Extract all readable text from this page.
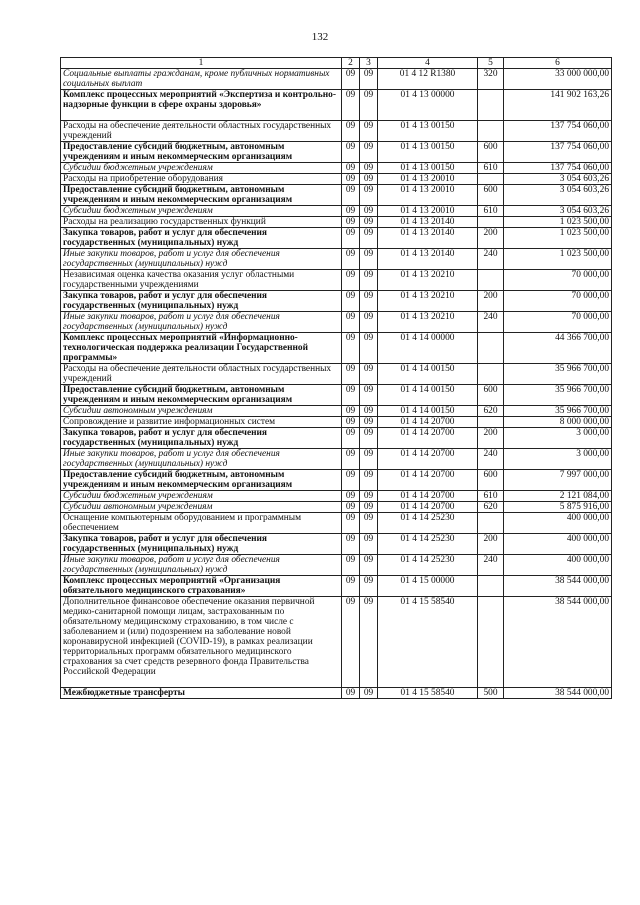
132
1	2	3	4	5	6
Социальные выплаты гражданам, кроме публичных нормативных социальных выплат	09	09	01 4 12 R1380	320	33 000 000,00
Комплекс процессных мероприятий «Экспертиза и контрольно-надзорные функции в сфере охраны здоровья»	09	09	01 4 13 00000		141 902 163,26
Расходы на обеспечение деятельности областных государственных учреждений	09	09	01 4 13 00150		137 754 060,00
Предоставление субсидий бюджетным, автономным учреждениям и иным некоммерческим организациям	09	09	01 4 13 00150	600	137 754 060,00
Субсидии бюджетным учреждениям	09	09	01 4 13 00150	610	137 754 060,00
Расходы на приобретение оборудования	09	09	01 4 13 20010		3 054 603,26
Предоставление субсидий бюджетным, автономным учреждениям и иным некоммерческим организациям	09	09	01 4 13 20010	600	3 054 603,26
Субсидии бюджетным учреждениям	09	09	01 4 13 20010	610	3 054 603,26
Расходы на реализацию государственных функций	09	09	01 4 13 20140		1 023 500,00
Закупка товаров, работ и услуг для обеспечения государственных (муниципальных) нужд	09	09	01 4 13 20140	200	1 023 500,00
Иные закупки товаров, работ и услуг для обеспечения государственных (муниципальных) нужд	09	09	01 4 13 20140	240	1 023 500,00
Независимая оценка качества оказания услуг областными государственными учреждениями	09	09	01 4 13 20210		70 000,00
Закупка товаров, работ и услуг для обеспечения государственных (муниципальных) нужд	09	09	01 4 13 20210	200	70 000,00
Иные закупки товаров, работ и услуг для обеспечения государственных (муниципальных) нужд	09	09	01 4 13 20210	240	70 000,00
Комплекс процессных мероприятий «Информационно-технологическая поддержка реализации Государственной программы»	09	09	01 4 14 00000		44 366 700,00
Расходы на обеспечение деятельности областных государственных учреждений	09	09	01 4 14 00150		35 966 700,00
Предоставление субсидий бюджетным, автономным учреждениям и иным некоммерческим организациям	09	09	01 4 14 00150	600	35 966 700,00
Субсидии автономным учреждениям	09	09	01 4 14 00150	620	35 966 700,00
Сопровождение и развитие информационных систем	09	09	01 4 14 20700		8 000 000,00
Закупка товаров, работ и услуг для обеспечения государственных (муниципальных) нужд	09	09	01 4 14 20700	200	3 000,00
Иные закупки товаров, работ и услуг для обеспечения государственных (муниципальных) нужд	09	09	01 4 14 20700	240	3 000,00
Предоставление субсидий бюджетным, автономным учреждениям и иным некоммерческим организациям	09	09	01 4 14 20700	600	7 997 000,00
Субсидии бюджетным учреждениям	09	09	01 4 14 20700	610	2 121 084,00
Субсидии автономным учреждениям	09	09	01 4 14 20700	620	5 875 916,00
Оснащение компьютерным оборудованием и программным обеспечением	09	09	01 4 14 25230		400 000,00
Закупка товаров, работ и услуг для обеспечения государственных (муниципальных) нужд	09	09	01 4 14 25230	200	400 000,00
Иные закупки товаров, работ и услуг для обеспечения государственных (муниципальных) нужд	09	09	01 4 14 25230	240	400 000,00
Комплекс процессных мероприятий «Организация обязательного медицинского страхования»	09	09	01 4 15 00000		38 544 000,00
Дополнительное финансовое обеспечение оказания первичной медико-санитарной помощи лицам, застрахованным по обязательному медицинскому страхованию, в том числе с заболеванием и (или) подозрением на заболевание новой коронавирусной инфекцией (COVID-19), в рамках реализации территориальных программ обязательного медицинского страхования за счет средств резервного фонда Правительства Российской Федерации	09	09	01 4 15 58540		38 544 000,00
Межбюджетные трансферты	09	09	01 4 15 58540	500	38 544 000,00
